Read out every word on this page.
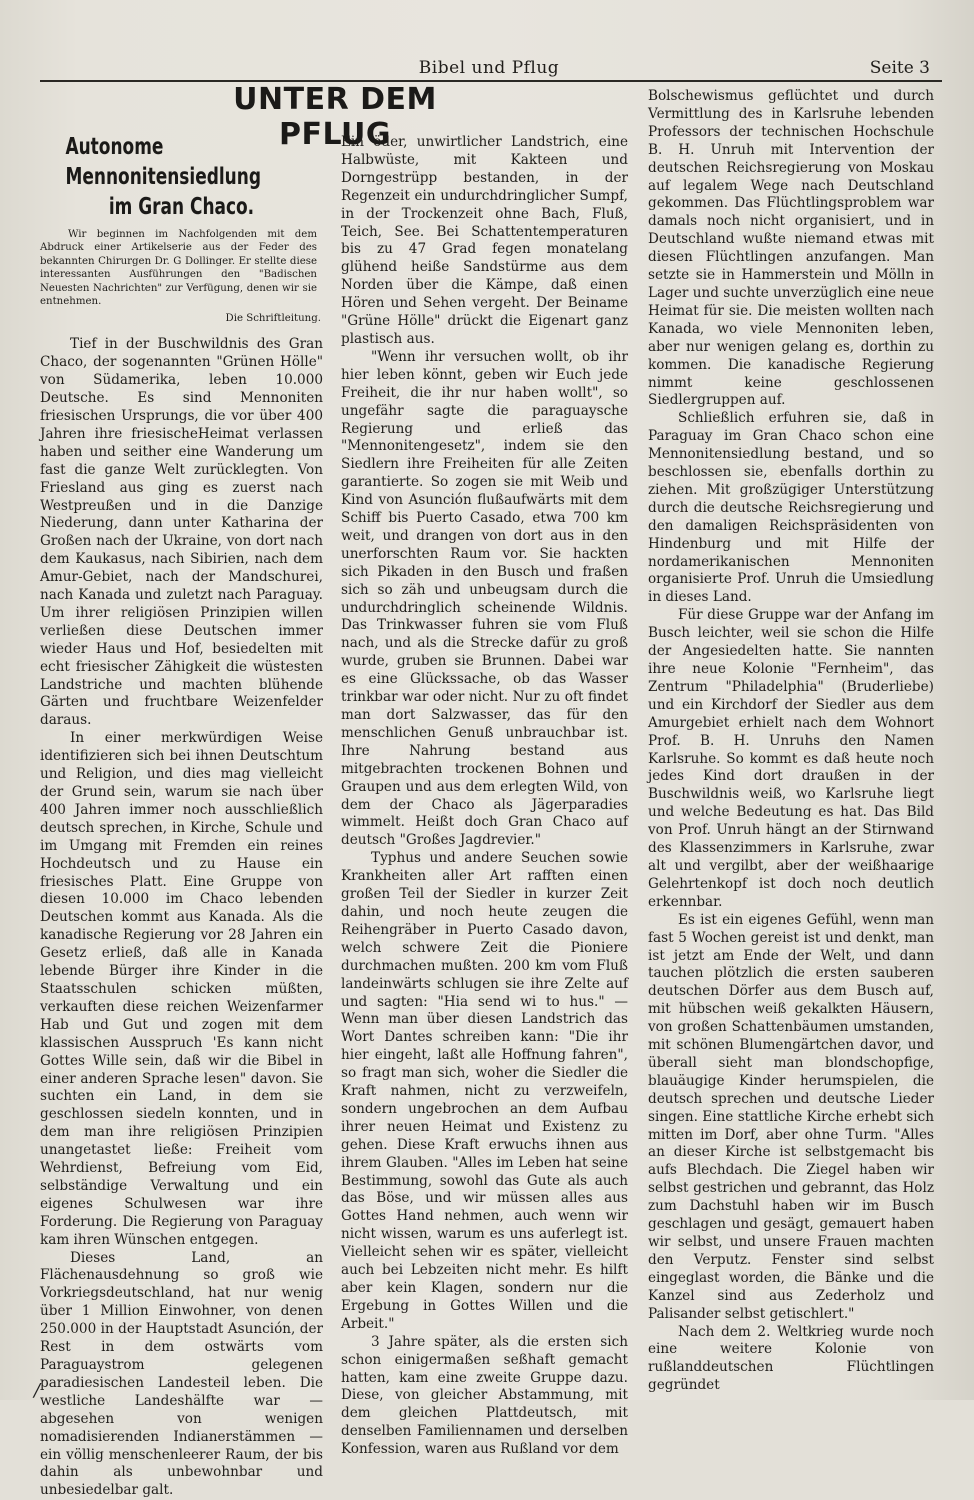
Bibel und Pflug	Seite 3
UNTER DEM PFLUG
Autonome Mennonitensiedlung
im Gran Chaco.
Wir beginnen im Nachfolgenden mit dem Abdruck einer Artikelserie aus der Feder des bekannten Chirurgen Dr. G Dollinger. Er stellte diese interessanten Ausführungen den "Badischen Neuesten Nachrichten" zur Verfügung, denen wir sie entnehmen.
Die Schriftleitung.

Tief in der Buschwildnis des Gran Chaco, der sogenannten "Grünen Hölle" von Südamerika, leben 10.000 Deutsche. Es sind Mennoniten friesischen Ursprungs, die vor über 400 Jahren ihre friesischeHeimat verlassen haben und seither eine Wanderung um fast die ganze Welt zurücklegten. Von Friesland aus ging es zuerst nach Westpreußen und in die Danzige Niederung, dann unter Katharina der Großen nach der Ukraine, von dort nach dem Kaukasus, nach Sibirien, nach dem Amur-Gebiet, nach der Mandschurei, nach Kanada und zuletzt nach Paraguay. Um ihrer religiösen Prinzipien willen verließen diese Deutschen immer wieder Haus und Hof, besiedelten mit echt friesischer Zähigkeit die wüstesten Landstriche und machten blühende Gärten und fruchtbare Weizenfelder daraus.

In einer merkwürdigen Weise identifizieren sich bei ihnen Deutschtum und Religion, und dies mag vielleicht der Grund sein, warum sie nach über 400 Jahren immer noch ausschließlich deutsch sprechen, in Kirche, Schule und im Umgang mit Fremden ein reines Hochdeutsch und zu Hause ein friesisches Platt. Eine Gruppe von diesen 10.000 im Chaco lebenden Deutschen kommt aus Kanada. Als die kanadische Regierung vor 28 Jahren ein Gesetz erließ, daß alle in Kanada lebende Bürger ihre Kinder in die Staatsschulen schicken müßten, verkauften diese reichen Weizenfarmer Hab und Gut und zogen mit dem klassischen Ausspruch 'Es kann nicht Gottes Wille sein, daß wir die Bibel in einer anderen Sprache lesen" davon. Sie suchten ein Land, in dem sie geschlossen siedeln konnten, und in dem man ihre religiösen Prinzipien unangetastet ließe: Freiheit vom Wehrdienst, Befreiung vom Eid, selbständige Verwaltung und ein eigenes Schulwesen war ihre Forderung. Die Regierung von Paraguay kam ihren Wünschen entgegen.

Dieses Land, an Flächenausdehnung so groß wie Vorkriegsdeutschland, hat nur wenig über 1 Million Einwohner, von denen 250.000 in der Hauptstadt Asunción, der Rest in dem ostwärts vom Paraguaystrom gelegenen paradiesischen Landesteil leben. Die westliche Landeshälfte war — abgesehen von wenigen nomadisierenden Indianerstämmen — ein völlig menschenleerer Raum, der bis dahin als unbewohnbar und unbesiedelbar galt.

Ein öder, unwirtlicher Landstrich, eine Halbwüste, mit Kakteen und Dorngestrüpp bestanden, in der Regenzeit ein undurchdringlicher Sumpf, in der Trockenzeit ohne Bach, Fluß, Teich, See. Bei Schattentemperaturen bis zu 47 Grad fegen monatelang glühend heiße Sandstürme aus dem Norden über die Kämpe, daß einen Hören und Sehen vergeht. Der Beiname "Grüne Hölle" drückt die Eigenart ganz plastisch aus.

"Wenn ihr versuchen wollt, ob ihr hier leben könnt, geben wir Euch jede Freiheit, die ihr nur haben wollt", so ungefähr sagte die paraguaysche Regierung und erließ das "Mennonitengesetz", indem sie den Siedlern ihre Freiheiten für alle Zeiten garantierte. So zogen sie mit Weib und Kind von Asunción flußaufwärts mit dem Schiff bis Puerto Casado, etwa 700 km weit, und drangen von dort aus in den unerforschten Raum vor. Sie hackten sich Pikaden in den Busch und fraßen sich so zäh und unbeugsam durch die undurchdringlich scheinende Wildnis. Das Trinkwasser fuhren sie vom Fluß nach, und als die Strecke dafür zu groß wurde, gruben sie Brunnen. Dabei war es eine Glückssache, ob das Wasser trinkbar war oder nicht. Nur zu oft findet man dort Salzwasser, das für den menschlichen Genuß unbrauchbar ist. Ihre Nahrung bestand aus mitgebrachten trockenen Bohnen und Graupen und aus dem erlegten Wild, von dem der Chaco als Jägerparadies wimmelt. Heißt doch Gran Chaco auf deutsch "Großes Jagdrevier."

Typhus und andere Seuchen sowie Krankheiten aller Art rafften einen großen Teil der Siedler in kurzer Zeit dahin, und noch heute zeugen die Reihengräber in Puerto Casado davon, welch schwere Zeit die Pioniere durchmachen mußten. 200 km vom Fluß landeinwärts schlugen sie ihre Zelte auf und sagten: "Hia send wi to hus." — Wenn man über diesen Landstrich das Wort Dantes schreiben kann: "Die ihr hier eingeht, laßt alle Hoffnung fahren", so fragt man sich, woher die Siedler die Kraft nahmen, nicht zu verzweifeln, sondern ungebrochen an dem Aufbau ihrer neuen Heimat und Existenz zu gehen. Diese Kraft erwuchs ihnen aus ihrem Glauben. "Alles im Leben hat seine Bestimmung, sowohl das Gute als auch das Böse, und wir müssen alles aus Gottes Hand nehmen, auch wenn wir nicht wissen, warum es uns auferlegt ist. Vielleicht sehen wir es später, vielleicht auch bei Lebzeiten nicht mehr. Es hilft aber kein Klagen, sondern nur die Ergebung in Gottes Willen und die Arbeit."

3 Jahre später, als die ersten sich schon einigermaßen seßhaft gemacht hatten, kam eine zweite Gruppe dazu. Diese, von gleicher Abstammung, mit dem gleichen Plattdeutsch, mit denselben Familiennamen und derselben Konfession, waren aus Rußland vor dem

Bolschewismus geflüchtet und durch Vermittlung des in Karlsruhe lebenden Professors der technischen Hochschule B. H. Unruh mit Intervention der deutschen Reichsregierung von Moskau auf legalem Wege nach Deutschland gekommen. Das Flüchtlingsproblem war damals noch nicht organisiert, und in Deutschland wußte niemand etwas mit diesen Flüchtlingen anzufangen. Man setzte sie in Hammerstein und Mölln in Lager und suchte unverzüglich eine neue Heimat für sie. Die meisten wollten nach Kanada, wo viele Mennoniten leben, aber nur wenigen gelang es, dorthin zu kommen. Die kanadische Regierung nimmt keine geschlossenen Siedlergruppen auf.

Schließlich erfuhren sie, daß in Paraguay im Gran Chaco schon eine Mennonitensiedlung bestand, und so beschlossen sie, ebenfalls dorthin zu ziehen. Mit großzügiger Unterstützung durch die deutsche Reichsregierung und den damaligen Reichspräsidenten von Hindenburg und mit Hilfe der nordamerikanischen Mennoniten organisierte Prof. Unruh die Umsiedlung in dieses Land.

Für diese Gruppe war der Anfang im Busch leichter, weil sie schon die Hilfe der Angesiedelten hatte. Sie nannten ihre neue Kolonie "Fernheim", das Zentrum "Philadelphia" (Bruderliebe) und ein Kirchdorf der Siedler aus dem Amurgebiet erhielt nach dem Wohnort Prof. B. H. Unruhs den Namen Karlsruhe. So kommt es daß heute noch jedes Kind dort draußen in der Buschwildnis weiß, wo Karlsruhe liegt und welche Bedeutung es hat. Das Bild von Prof. Unruh hängt an der Stirnwand des Klassenzimmers in Karlsruhe, zwar alt und vergilbt, aber der weißhaarige Gelehrtenkopf ist doch noch deutlich erkennbar.

Es ist ein eigenes Gefühl, wenn man fast 5 Wochen gereist ist und denkt, man ist jetzt am Ende der Welt, und dann tauchen plötzlich die ersten sauberen deutschen Dörfer aus dem Busch auf, mit hübschen weiß gekalkten Häusern, von großen Schattenbäumen umstanden, mit schönen Blumengärtchen davor, und überall sieht man blondschopfige, blauäugige Kinder herumspielen, die deutsch sprechen und deutsche Lieder singen. Eine stattliche Kirche erhebt sich mitten im Dorf, aber ohne Turm. "Alles an dieser Kirche ist selbstgemacht bis aufs Blechdach. Die Ziegel haben wir selbst gestrichen und gebrannt, das Holz zum Dachstuhl haben wir im Busch geschlagen und gesägt, gemauert haben wir selbst, und unsere Frauen machten den Verputz. Fenster sind selbst eingeglast worden, die Bänke und die Kanzel sind aus Zederholz und Palisander selbst getischlert."

Nach dem 2. Weltkrieg wurde noch eine weitere Kolonie von rußlanddeutschen Flüchtlingen gegründet

/
